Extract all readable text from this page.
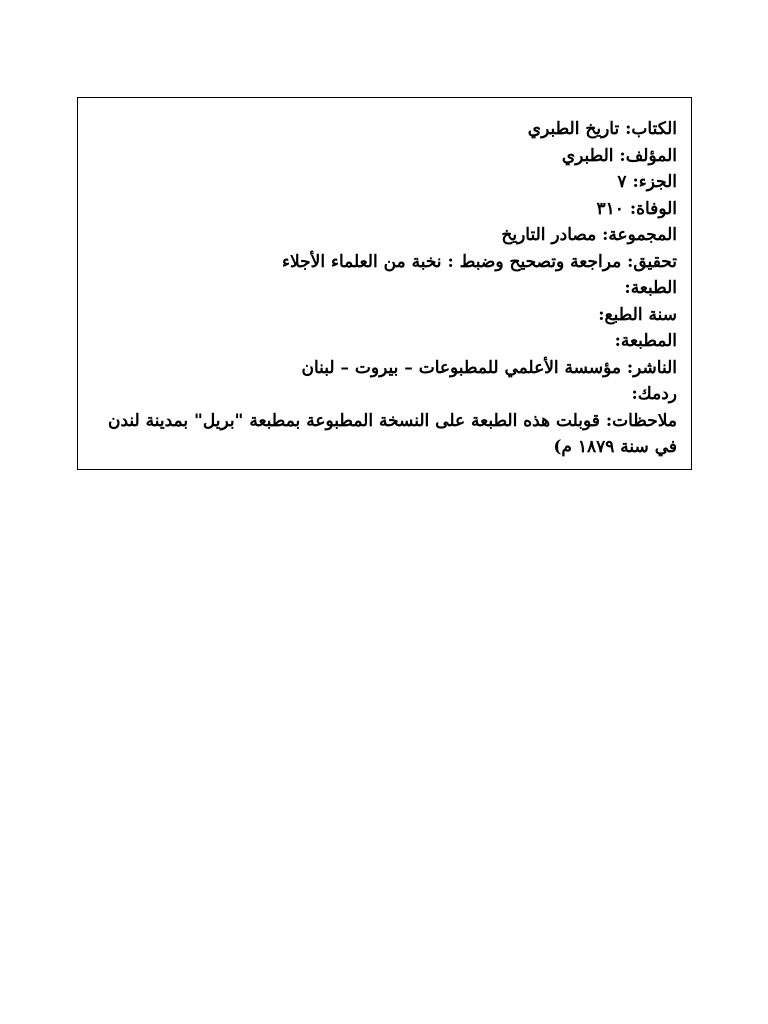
الكتاب: تاريخ الطبري
المؤلف: الطبري
الجزء: ٧
الوفاة: ٣١٠
المجموعة: مصادر التاريخ
تحقيق: مراجعة وتصحيح وضبط : نخبة من العلماء الأجلاء
الطبعة:
سنة الطبع:
المطبعة:
الناشر: مؤسسة الأعلمي للمطبوعات – بيروت – لبنان
ردمك:
ملاحظات: قوبلت هذه الطبعة على النسخة المطبوعة بمطبعة "بريل" بمدينة لندن في سنة ١٨٧٩ م)
